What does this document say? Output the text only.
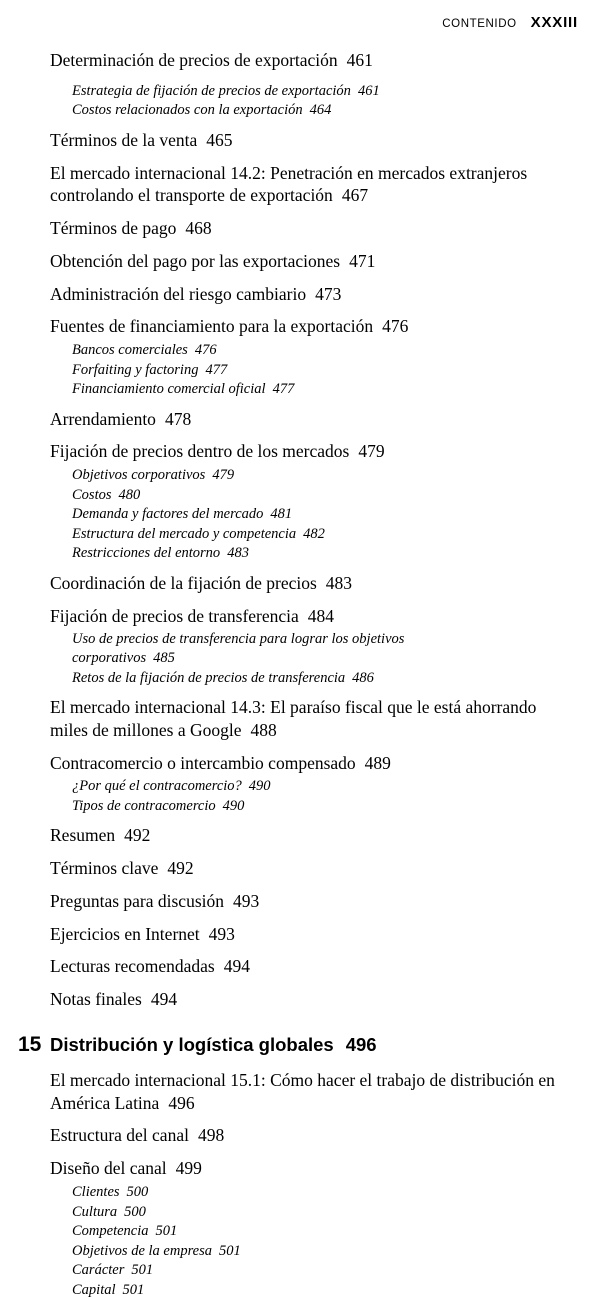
CONTENIDO XXXIII
Determinación de precios de exportación 461
Estrategia de fijación de precios de exportación 461
Costos relacionados con la exportación 464
Términos de la venta 465
El mercado internacional 14.2: Penetración en mercados extranjeros
controlando el transporte de exportación 467
Términos de pago 468
Obtención del pago por las exportaciones 471
Administración del riesgo cambiario 473
Fuentes de financiamiento para la exportación 476
Bancos comerciales 476
Forfaiting y factoring 477
Financiamiento comercial oficial 477
Arrendamiento 478
Fijación de precios dentro de los mercados 479
Objetivos corporativos 479
Costos 480
Demanda y factores del mercado 481
Estructura del mercado y competencia 482
Restricciones del entorno 483
Coordinación de la fijación de precios 483
Fijación de precios de transferencia 484
Uso de precios de transferencia para lograr los objetivos
corporativos 485
Retos de la fijación de precios de transferencia 486
El mercado internacional 14.3: El paraíso fiscal que le está ahorrando
miles de millones a Google 488
Contracomercio o intercambio compensado 489
¿Por qué el contracomercio? 490
Tipos de contracomercio 490
Resumen 492
Términos clave 492
Preguntas para discusión 493
Ejercicios en Internet 493
Lecturas recomendadas 494
Notas finales 494
15 Distribución y logística globales 496
El mercado internacional 15.1: Cómo hacer el trabajo de distribución en
América Latina 496
Estructura del canal 498
Diseño del canal 499
Clientes 500
Cultura 500
Competencia 501
Objetivos de la empresa 501
Carácter 501
Capital 501
